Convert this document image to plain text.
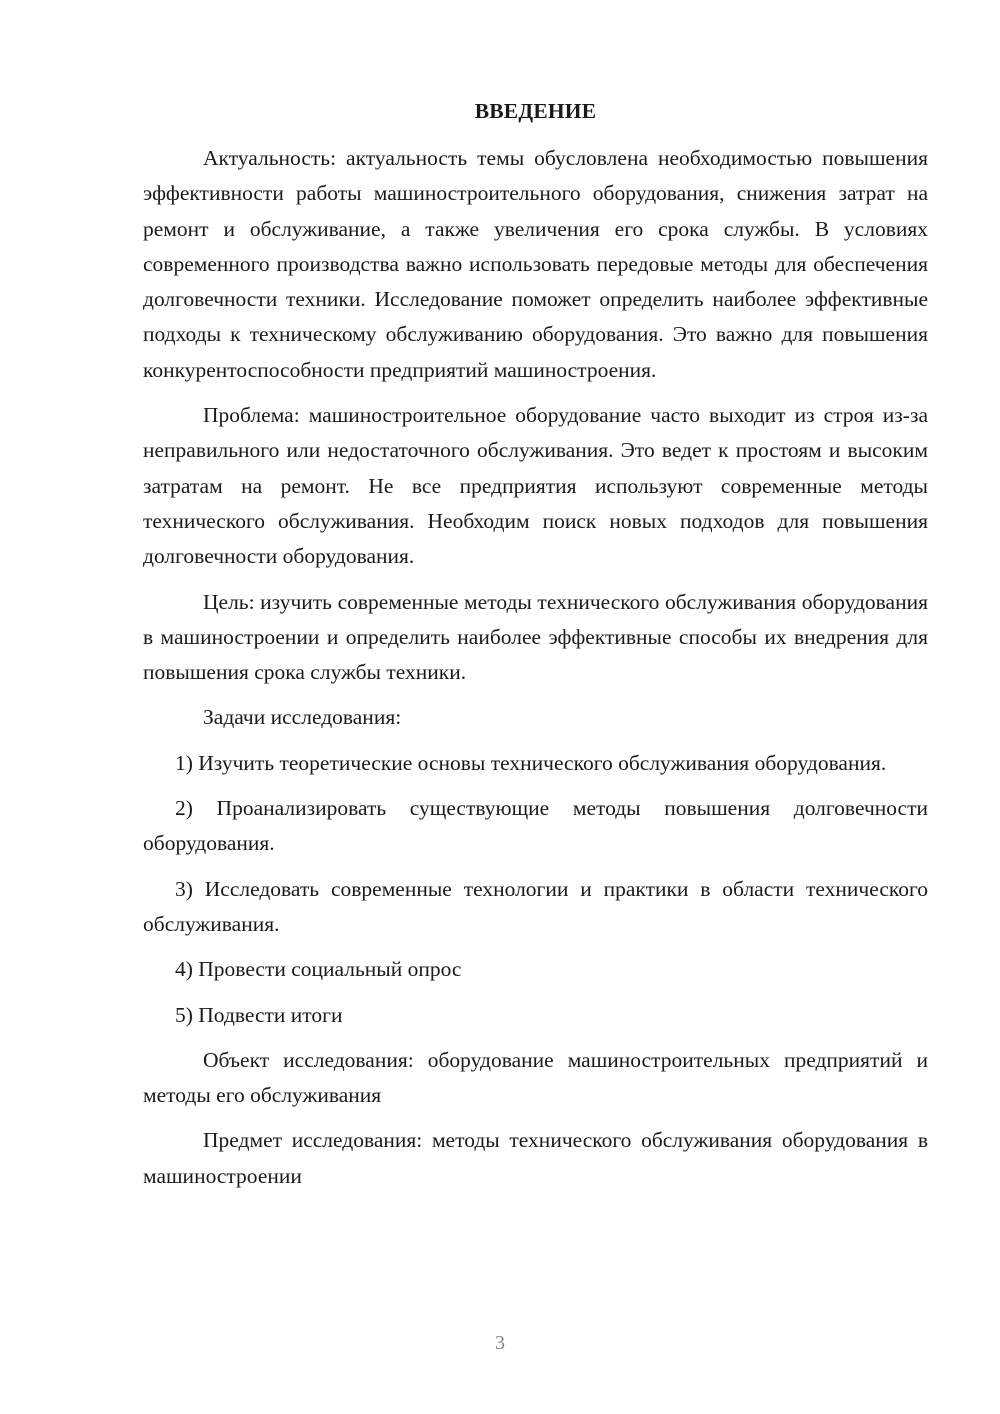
ВВЕДЕНИЕ

Актуальность: актуальность темы обусловлена необходимостью повышения эффективности работы машиностроительного оборудования, снижения затрат на ремонт и обслуживание, а также увеличения его срока службы. В условиях современного производства важно использовать передовые методы для обеспечения долговечности техники. Исследование поможет определить наиболее эффективные подходы к техническому обслуживанию оборудования. Это важно для повышения конкурентоспособности предприятий машиностроения.

Проблема: машиностроительное оборудование часто выходит из строя из-за неправильного или недостаточного обслуживания. Это ведет к простоям и высоким затратам на ремонт. Не все предприятия используют современные методы технического обслуживания. Необходим поиск новых подходов для повышения долговечности оборудования.

Цель: изучить современные методы технического обслуживания оборудования в машиностроении и определить наиболее эффективные способы их внедрения для повышения срока службы техники.

Задачи исследования:

1) Изучить теоретические основы технического обслуживания оборудования.

2) Проанализировать существующие методы повышения долговечности оборудования.

3) Исследовать современные технологии и практики в области технического обслуживания.

4) Провести социальный опрос

5) Подвести итоги

Объект исследования: оборудование машиностроительных предприятий и методы его обслуживания

Предмет исследования: методы технического обслуживания оборудования в машиностроении

3
